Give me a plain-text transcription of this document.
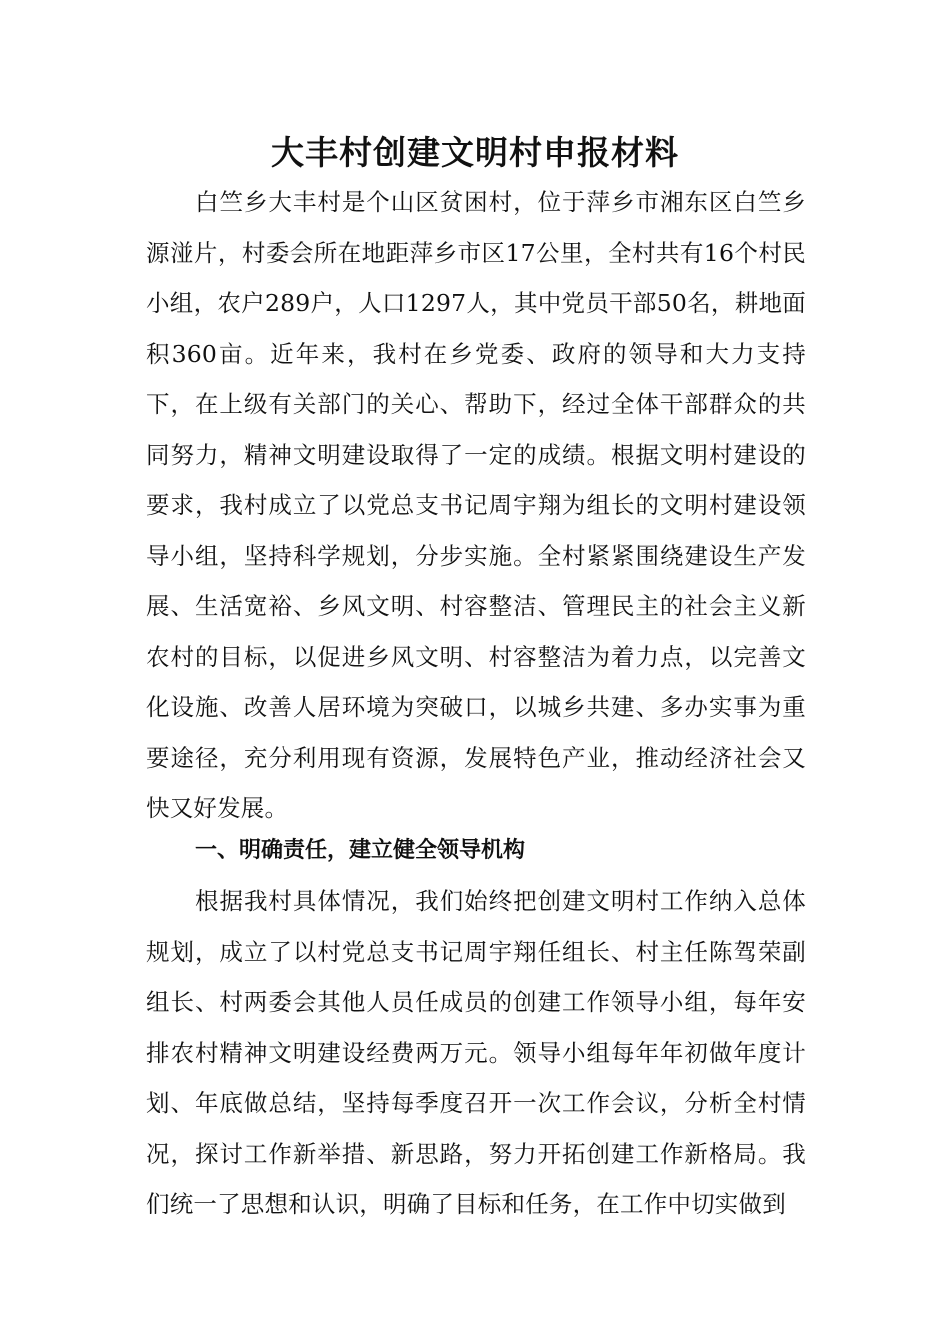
大丰村创建文明村申报材料

白竺乡大丰村是个山区贫困村，位于萍乡市湘东区白竺乡源湴片，村委会所在地距萍乡市区17公里，全村共有16个村民小组，农户289户，人口1297人，其中党员干部50名，耕地面积360亩。近年来，我村在乡党委、政府的领导和大力支持下，在上级有关部门的关心、帮助下，经过全体干部群众的共同努力，精神文明建设取得了一定的成绩。根据文明村建设的要求，我村成立了以党总支书记周宇翔为组长的文明村建设领导小组，坚持科学规划，分步实施。全村紧紧围绕建设生产发展、生活宽裕、乡风文明、村容整洁、管理民主的社会主义新农村的目标，以促进乡风文明、村容整洁为着力点，以完善文化设施、改善人居环境为突破口，以城乡共建、多办实事为重要途径，充分利用现有资源，发展特色产业，推动经济社会又快又好发展。

一、明确责任，建立健全领导机构

根据我村具体情况，我们始终把创建文明村工作纳入总体规划，成立了以村党总支书记周宇翔任组长、村主任陈驾荣副组长、村两委会其他人员任成员的创建工作领导小组，每年安排农村精神文明建设经费两万元。领导小组每年年初做年度计划、年底做总结，坚持每季度召开一次工作会议，分析全村情况，探讨工作新举措、新思路，努力开拓创建工作新格局。我们统一了思想和认识，明确了目标和任务，在工作中切实做到
